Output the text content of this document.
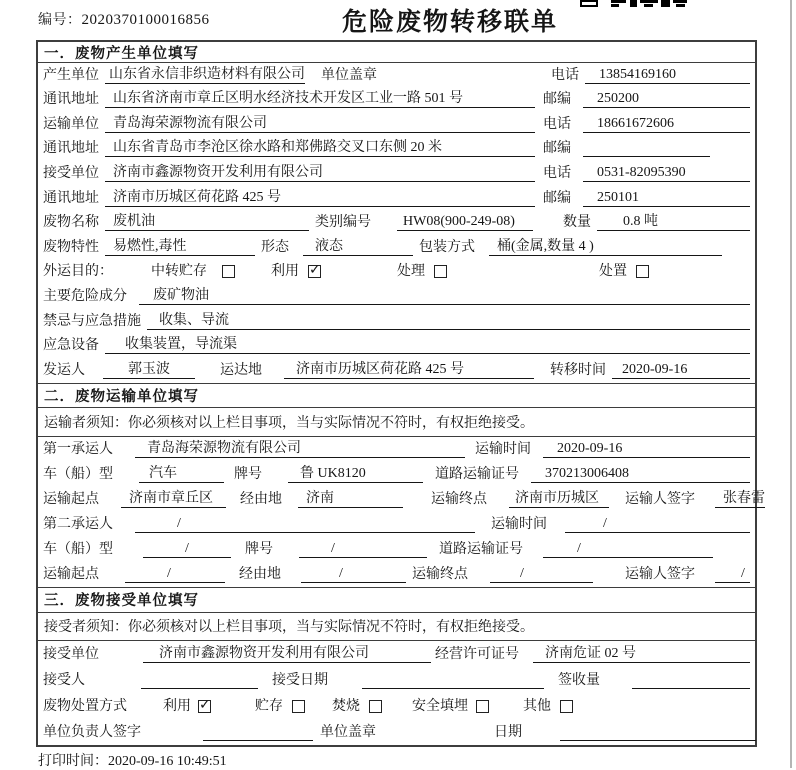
编号：2020370100016856	危险废物转移联单
一．废物产生单位填写
产生单位 山东省永信非织造材料有限公司 单位盖章	电话	13854169160
通讯地址	山东省济南市章丘区明水经济技术开发区工业一路 501 号	邮编	250200
运输单位	青岛海荣源物流有限公司	电话	18661672606
通讯地址	山东省青岛市李沧区徐水路和郑佛路交叉口东侧 20 米	邮编
接受单位	济南市鑫源物资开发利用有限公司	电话	0531-82095390
通讯地址	济南市历城区荷花路 425 号	邮编	250101
废物名称	废机油	类别编号	HW08(900-249-08)	数量	0.8 吨
废物特性	易燃性,毒性	形态	液态	包装方式	桶(金属,数量 4 )
外运目的：	中转贮存	利用 ✓	处理	处置
主要危险成分	废矿物油
禁忌与应急措施	收集、导流
应急设备	收集装置，导流渠
发运人	郭玉波	运达地	济南市历城区荷花路 425 号	转移时间	2020-09-16
二．废物运输单位填写
运输者须知：你必须核对以上栏目事项，当与实际情况不符时，有权拒绝接受。
第一承运人	青岛海荣源物流有限公司	运输时间	2020-09-16
车（船）型	汽车	牌号	鲁 UK8120	道路运输证号	370213006408
运输起点	济南市章丘区	经由地	济南	运输终点	济南市历城区	运输人签字	张春雷
第二承运人	/	运输时间	/
车（船）型	/	牌号	/	道路运输证号	/
运输起点	/	经由地	/	运输终点	/	运输人签字	/
三．废物接受单位填写
接受者须知：你必须核对以上栏目事项，当与实际情况不符时，有权拒绝接受。
接受单位	济南市鑫源物资开发利用有限公司	经营许可证号	济南危证 02 号
接受人	接受日期	签收量
废物处置方式	利用 ✓	贮存	焚烧	安全填埋	其他
单位负责人签字	单位盖章	日期
打印时间：2020-09-16 10:49:51
